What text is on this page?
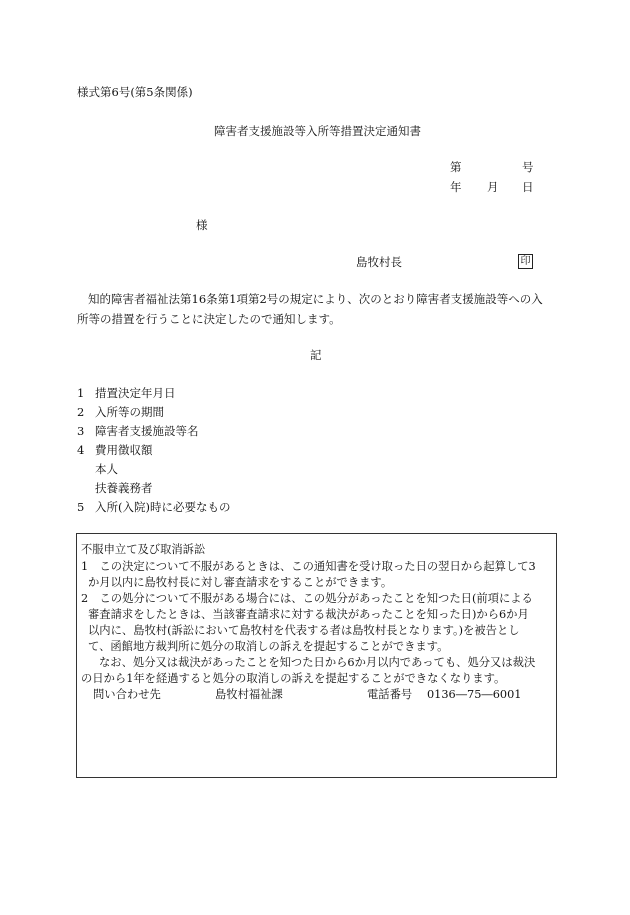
様式第6号(第5条関係)
障害者支援施設等入所等措置決定通知書
第	号
年 月 日
様
島牧村長	印
知的障害者福祉法第16条第1項第2号の規定により、次のとおり障害者支援施設等への入
所等の措置を行うことに決定したので通知します。
記
1 措置決定年月日
2 入所等の期間
3 障害者支援施設等名
4 費用徴収額
本人
扶養義務者
5 入所(入院)時に必要なもの
不服申立て及び取消訴訟
1　この決定について不服があるときは、この通知書を受け取った日の翌日から起算して3
か月以内に島牧村長に対し審査請求をすることができます。
2　この処分について不服がある場合には、この処分があったことを知つた日(前項による
審査請求をしたときは、当該審査請求に対する裁決があったことを知った日)から6か月
以内に、島牧村(訴訟において島牧村を代表する者は島牧村長となります。)を被告とし
て、函館地方裁判所に処分の取消しの訴えを提起することができます。
なお、処分又は裁決があったことを知つた日から6か月以内であっても、処分又は裁決
の日から1年を経過すると処分の取消しの訴えを提起することができなくなります。
問い合わせ先	島牧村福祉課	電話番号 0136―75―6001
